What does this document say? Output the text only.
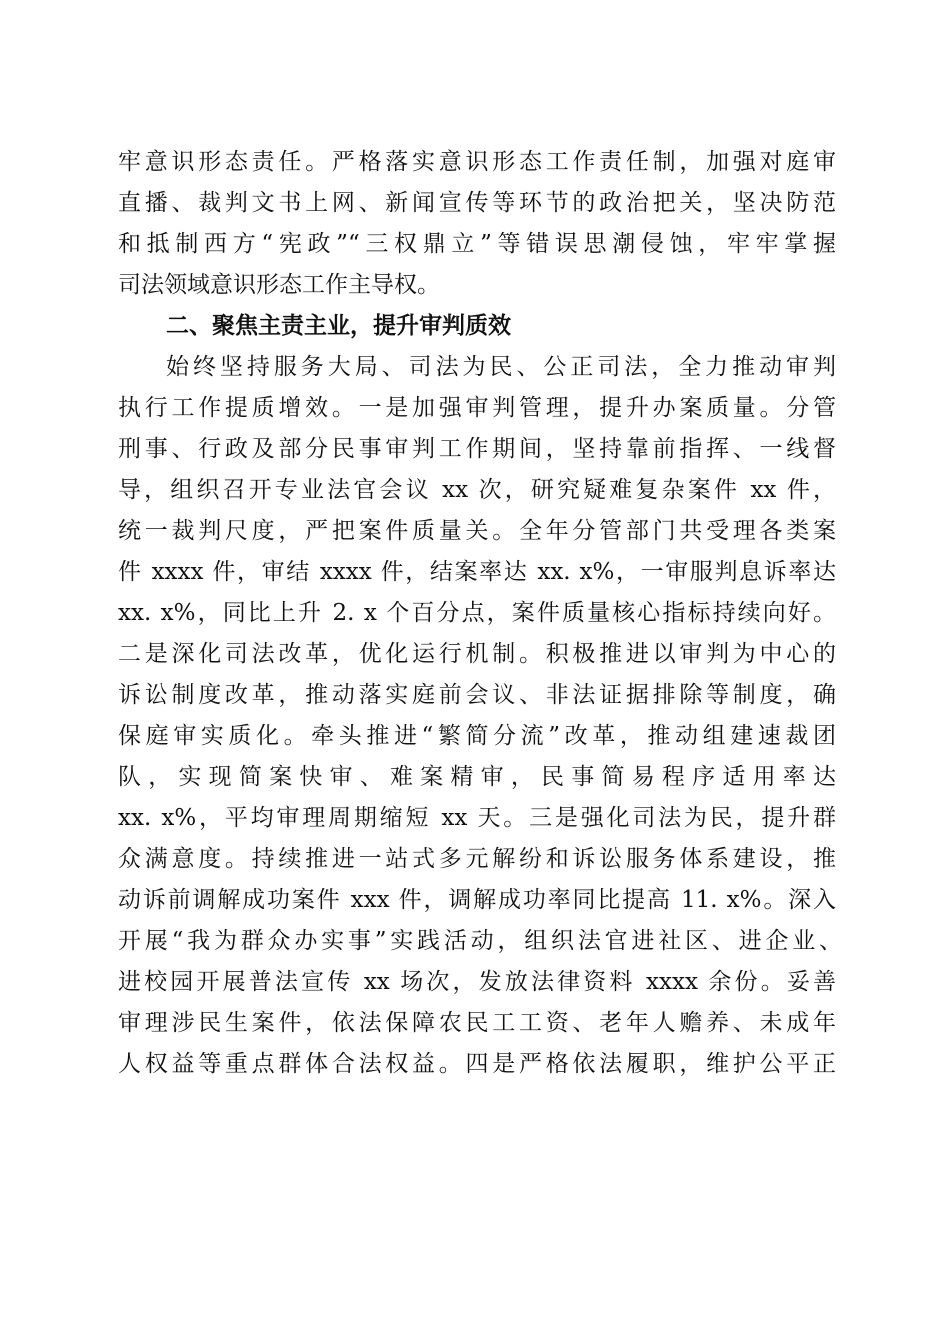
牢意识形态责任。严格落实意识形态工作责任制，加强对庭审
直播、裁判文书上网、新闻宣传等环节的政治把关，坚决防范
和抵制西方“宪政”“三权鼎立”等错误思潮侵蚀，牢牢掌握
司法领域意识形态工作主导权。
二、聚焦主责主业，提升审判质效
始终坚持服务大局、司法为民、公正司法，全力推动审判
执行工作提质增效。一是加强审判管理，提升办案质量。分管
刑事、行政及部分民事审判工作期间，坚持靠前指挥、一线督
导，组织召开专业法官会议 xx 次，研究疑难复杂案件 xx 件，
统一裁判尺度，严把案件质量关。全年分管部门共受理各类案
件 xxxx 件，审结 xxxx 件，结案率达 xx. x%，一审服判息诉率达
xx. x%，同比上升 2. x 个百分点，案件质量核心指标持续向好。
二是深化司法改革，优化运行机制。积极推进以审判为中心的
诉讼制度改革，推动落实庭前会议、非法证据排除等制度，确
保庭审实质化。牵头推进“繁简分流”改革，推动组建速裁团
队，实现简案快审、难案精审，民事简易程序适用率达
xx. x%，平均审理周期缩短 xx 天。三是强化司法为民，提升群
众满意度。持续推进一站式多元解纷和诉讼服务体系建设，推
动诉前调解成功案件 xxx 件，调解成功率同比提高 11. x%。深入
开展“我为群众办实事”实践活动，组织法官进社区、进企业、
进校园开展普法宣传 xx 场次，发放法律资料 xxxx 余份。妥善
审理涉民生案件，依法保障农民工工资、老年人赡养、未成年
人权益等重点群体合法权益。四是严格依法履职，维护公平正
